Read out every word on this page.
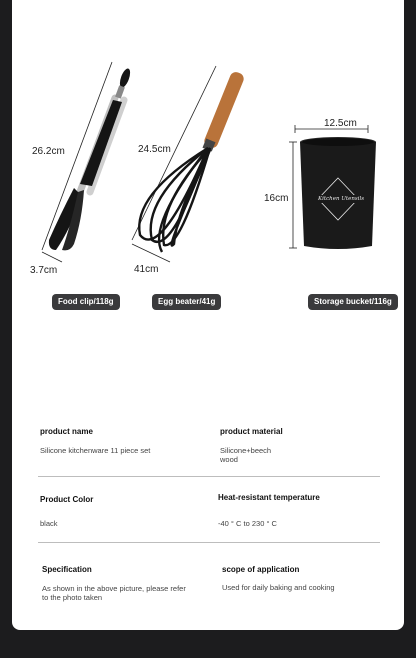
26.2cm
3.7cm
24.5cm
41cm
12.5cm
16cm	Kitchen Utensils
Food clip/118g	Egg beater/41g	Storage bucket/116g
product name
Silicone kitchenware 11 piece set
product material
Silicone+beech wood
Product Color
black
Heat-resistant temperature
-40 ° C to 230 ° C
Specification
As shown in the above picture, please refer to the photo taken
scope of application
Used for daily baking and cooking
